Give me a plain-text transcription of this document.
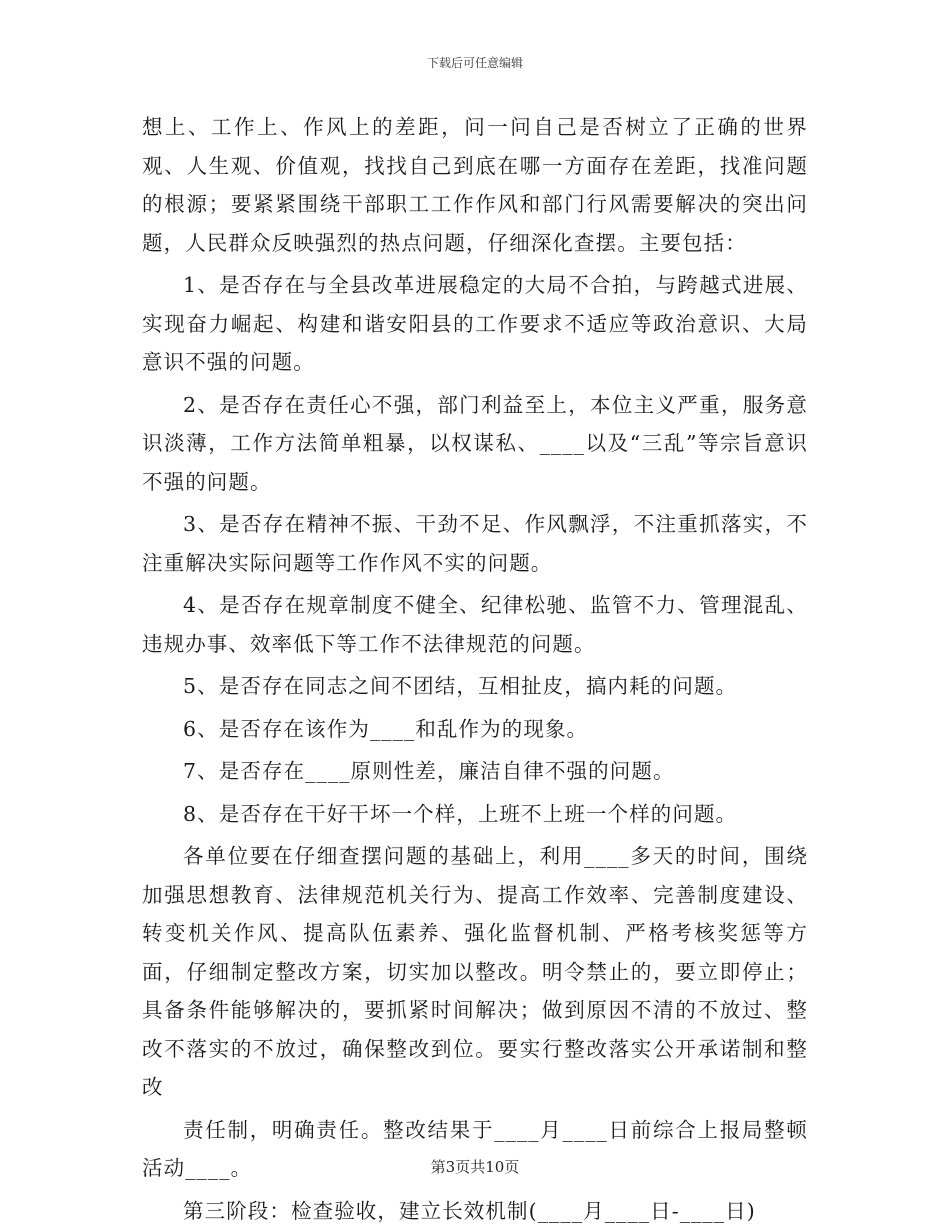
下载后可任意编辑

想上、工作上、作风上的差距，问一问自己是否树立了正确的世界观、人生观、价值观，找找自己到底在哪一方面存在差距，找准问题的根源；要紧紧围绕干部职工工作作风和部门行风需要解决的突出问题，人民群众反映强烈的热点问题，仔细深化查摆。主要包括：

1、是否存在与全县改革进展稳定的大局不合拍，与跨越式进展、实现奋力崛起、构建和谐安阳县的工作要求不适应等政治意识、大局意识不强的问题。

2、是否存在责任心不强，部门利益至上，本位主义严重，服务意识淡薄，工作方法简单粗暴，以权谋私、____以及“三乱”等宗旨意识不强的问题。

3、是否存在精神不振、干劲不足、作风飘浮，不注重抓落实，不注重解决实际问题等工作作风不实的问题。

4、是否存在规章制度不健全、纪律松驰、监管不力、管理混乱、违规办事、效率低下等工作不法律规范的问题。

5、是否存在同志之间不团结，互相扯皮，搞内耗的问题。

6、是否存在该作为____和乱作为的现象。

7、是否存在____原则性差，廉洁自律不强的问题。

8、是否存在干好干坏一个样，上班不上班一个样的问题。

各单位要在仔细查摆问题的基础上，利用____多天的时间，围绕加强思想教育、法律规范机关行为、提高工作效率、完善制度建设、转变机关作风、提高队伍素养、强化监督机制、严格考核奖惩等方面，仔细制定整改方案，切实加以整改。明令禁止的，要立即停止；具备条件能够解决的，要抓紧时间解决；做到原因不清的不放过、整改不落实的不放过，确保整改到位。要实行整改落实公开承诺制和整改

责任制，明确责任。整改结果于____月____日前综合上报局整顿活动____。

第三阶段：检查验收，建立长效机制(____月____日-____日)

第3页共10页
